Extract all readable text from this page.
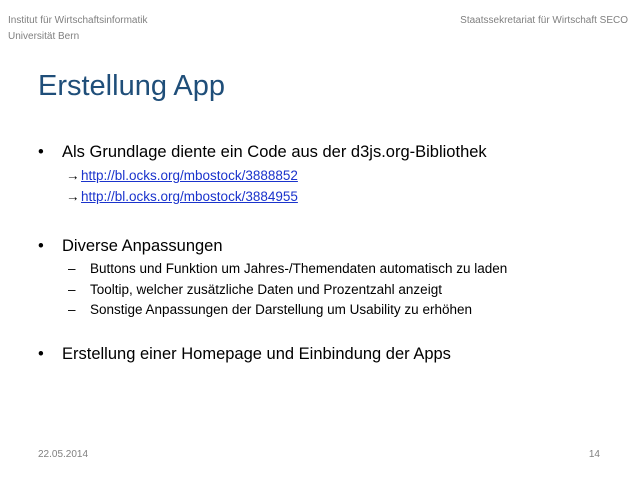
Institut für Wirtschaftsinformatik
Universität Bern
Staatssekretariat für Wirtschaft SECO
Erstellung App
• Als Grundlage diente ein Code aus der d3js.org-Bibliothek
→ http://bl.ocks.org/mbostock/3888852
→ http://bl.ocks.org/mbostock/3884955
• Diverse Anpassungen
– Buttons und Funktion um Jahres-/Themendaten automatisch zu laden
– Tooltip, welcher zusätzliche Daten und Prozentzahl anzeigt
– Sonstige Anpassungen der Darstellung um Usability zu erhöhen
• Erstellung einer Homepage und Einbindung der Apps
22.05.2014	14
